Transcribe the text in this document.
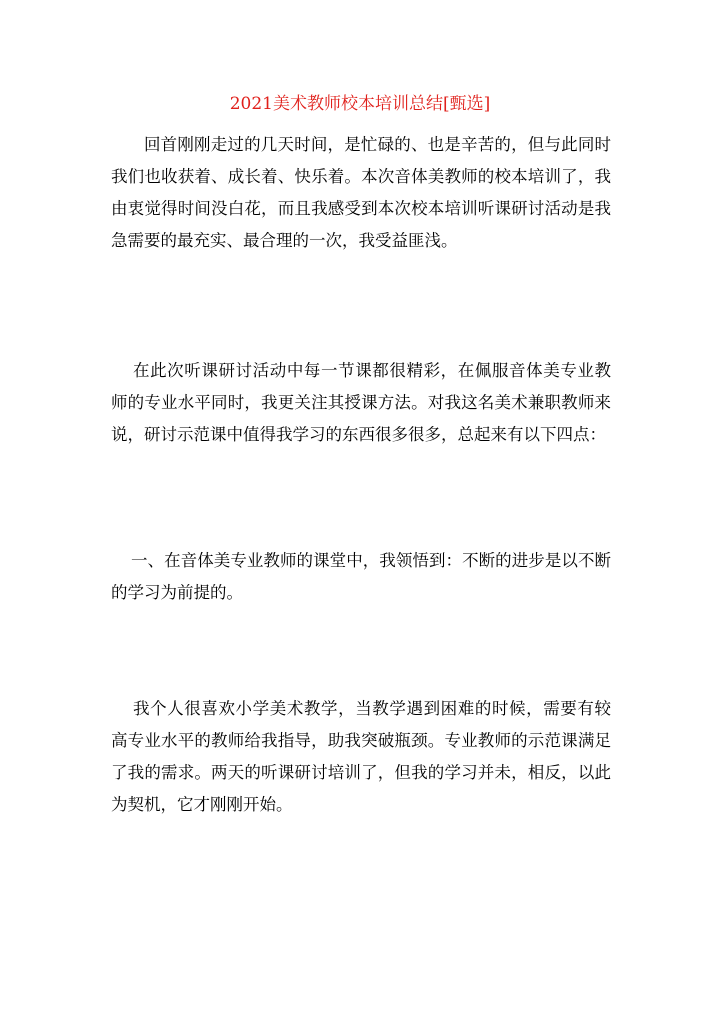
2021美术教师校本培训总结[甄选]

回首刚刚走过的几天时间，是忙碌的、也是辛苦的，但与此同时我们也收获着、成长着、快乐着。本次音体美教师的校本培训了，我由衷觉得时间没白花，而且我感受到本次校本培训听课研讨活动是我急需要的最充实、最合理的一次，我受益匪浅。

在此次听课研讨活动中每一节课都很精彩，在佩服音体美专业教师的专业水平同时，我更关注其授课方法。对我这名美术兼职教师来说，研讨示范课中值得我学习的东西很多很多，总起来有以下四点：

一、在音体美专业教师的课堂中，我领悟到：不断的进步是以不断的学习为前提的。

我个人很喜欢小学美术教学，当教学遇到困难的时候，需要有较高专业水平的教师给我指导，助我突破瓶颈。专业教师的示范课满足了我的需求。两天的听课研讨培训了，但我的学习并未，相反，以此为契机，它才刚刚开始。
